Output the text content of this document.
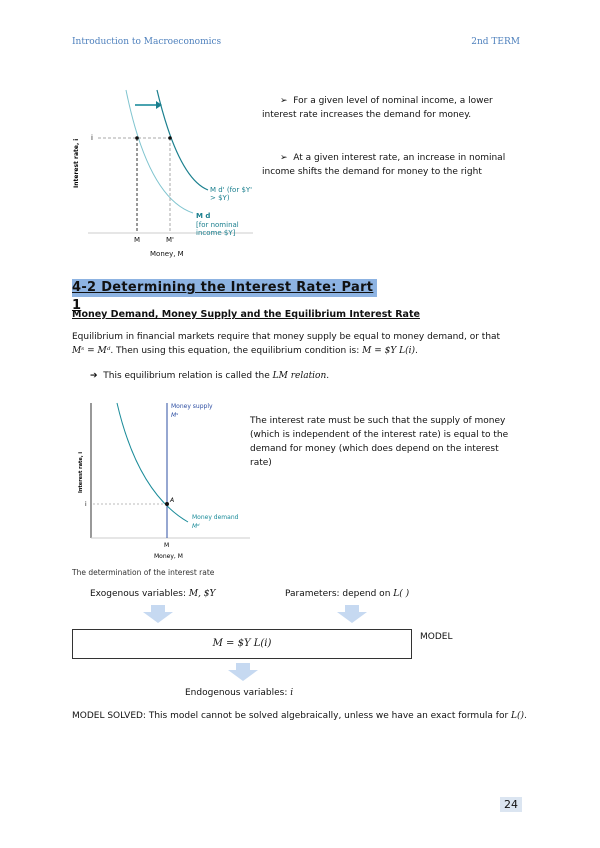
Introduction to Macroeconomics	2nd TERM
Interest rate, i
i
M	M'
Money, M
M d' (for $Y' > $Y)
M d
[for nominal income $Y]
➢  For a given level of nominal income, a lower interest rate increases the demand for money.
➢  At a given interest rate, an increase in nominal income shifts the demand for money to the right
4-2 Determining the Interest Rate: Part 1
Money Demand, Money Supply and the Equilibrium Interest Rate
Equilibrium in financial markets require that money supply be equal to money demand, or that
Mˢ = Mᵈ. Then using this equation, the equilibrium condition is: M = $Y L(i).
➔  This equilibrium relation is called the LM relation.
A
i
M
Money, M
Interest rate, i
Money supply
Mˢ
Money demand
Mᵈ
The determination of the interest rate
The interest rate must be such that the supply of money (which is independent of the interest rate) is equal to the demand for money (which does depend on the interest rate)
Exogenous variables: M, $Y	Parameters: depend on L( )
M = $Y L(i)
MODEL
Endogenous variables: i
MODEL SOLVED: This model cannot be solved algebraically, unless we have an exact formula for L().
24
